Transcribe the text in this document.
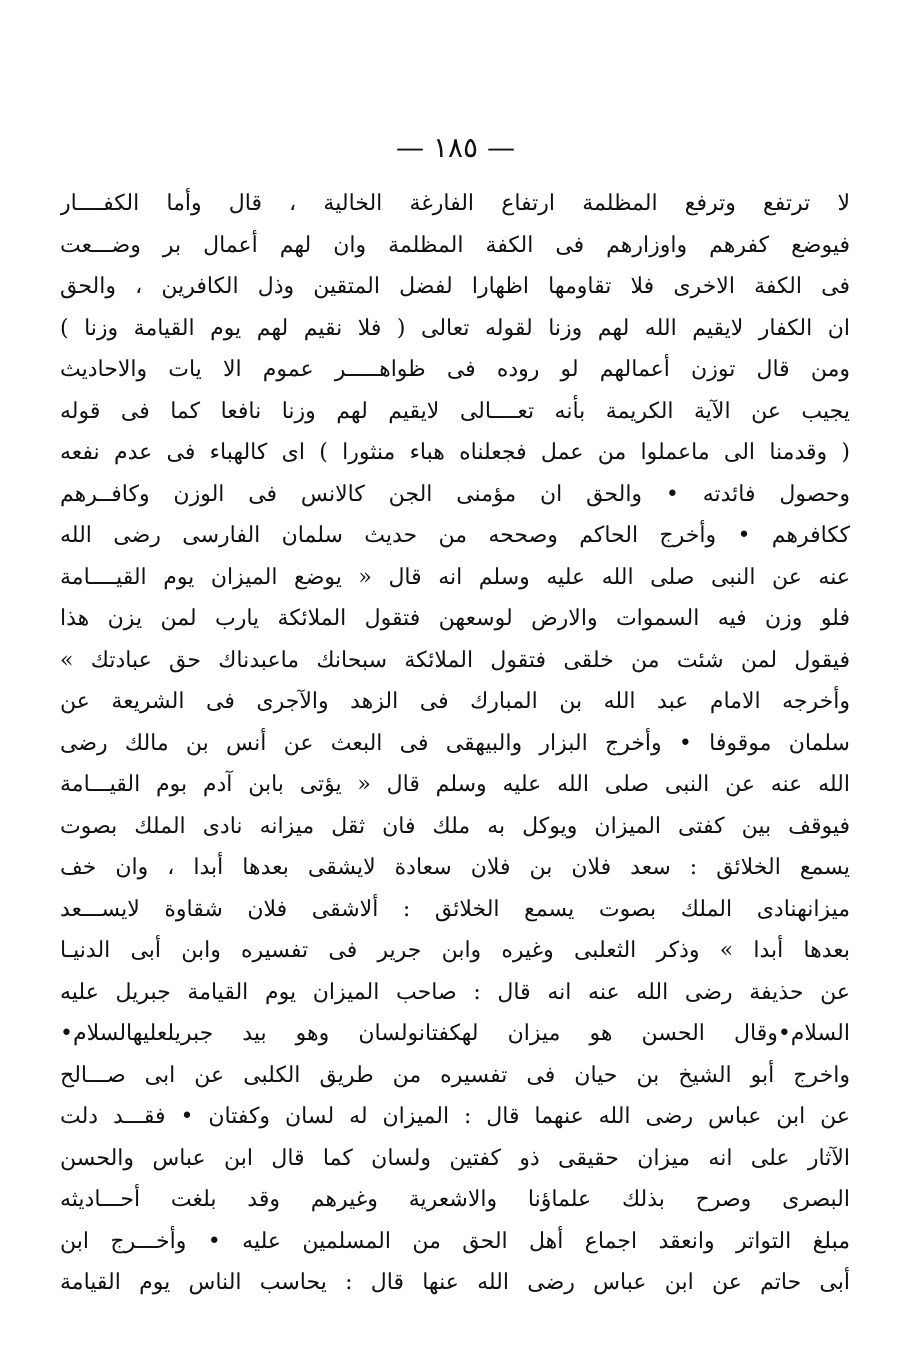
— ١٨٥ —
لا ترتفع وترفع المظلمة ارتفاع الفارغة الخالية ، قال وأما الكفــــار
فيوضع كفرهم واوزارهم فى الكفة المظلمة وان لهم أعمال بر وضـــعت
فى الكفة الاخرى فلا تقاومها اظهارا لفضل المتقين وذل الكافرين ، والحق
ان الكفار لايقيم الله لهم وزنا لقوله تعالى ( فلا نقيم لهم يوم القيامة وزنا )
ومن قال توزن أعمالهم لو روده فى ظواهـــــر عموم الا يات والاحاديث
يجيب عن الآية الكريمة بأنه تعــــالى لايقيم لهم وزنا نافعا كما فى قوله
( وقدمنا الى ماعملوا من عمل فجعلناه هباء منثورا ) اى كالهباء فى عدم نفعه
وحصول فائدته • والحق ان مؤمنى الجن كالانس فى الوزن وكافــرهم
ككافرهم • وأخرج الحاكم وصححه من حديث سلمان الفارسى رضى الله
عنه عن النبى صلى الله عليه وسلم انه قال « يوضع الميزان يوم القيــــامة
فلو وزن فيه السموات والارض لوسعهن فتقول الملائكة يارب لمن يزن هذا
فيقول لمن شئت من خلقى فتقول الملائكة سبحانك ماعبدناك حق عبادتك »
وأخرجه الامام عبد الله بن المبارك فى الزهد والآجرى فى الشريعة عن
سلمان موقوفا • وأخرج البزار والبيهقى فى البعث عن أنس بن مالك رضى
الله عنه عن النبى صلى الله عليه وسلم قال « يؤتى بابن آدم بوم القيـــامة
فيوقف بين كفتى الميزان ويوكل به ملك فان ثقل ميزانه نادى الملك بصوت
يسمع الخلائق : سعد فلان بن فلان سعادة لايشقى بعدها أبدا ، وان خف
ميزانهنادى الملك بصوت يسمع الخلائق : ألاشقى فلان شقاوة لايســـعد
بعدها أبدا » وذكر الثعلبى وغيره وابن جرير فى تفسيره وابن أبى الدنيـا
عن حذيفة رضى الله عنه انه قال : صاحب الميزان يوم القيامة جبريل عليه
السلام•وقال الحسن هو ميزان لهكفتانولسان وهو بيد جبريلعليهالسلام•
واخرج أبو الشيخ بن حيان فى تفسيره من طريق الكلبى عن ابى صـــالح
عن ابن عباس رضى الله عنهما قال : الميزان له لسان وكفتان • فقـــد دلت
الآثار على انه ميزان حقيقى ذو كفتين ولسان كما قال ابن عباس والحسن
البصرى وصرح بذلك علماؤنا والاشعرية وغيرهم وقد بلغت أحـــاديثه
مبلغ التواتر وانعقد اجماع أهل الحق من المسلمين عليه • وأخـــرج ابن
أبى حاتم عن ابن عباس رضى الله عنها قال : يحاسب الناس يوم القيامة
